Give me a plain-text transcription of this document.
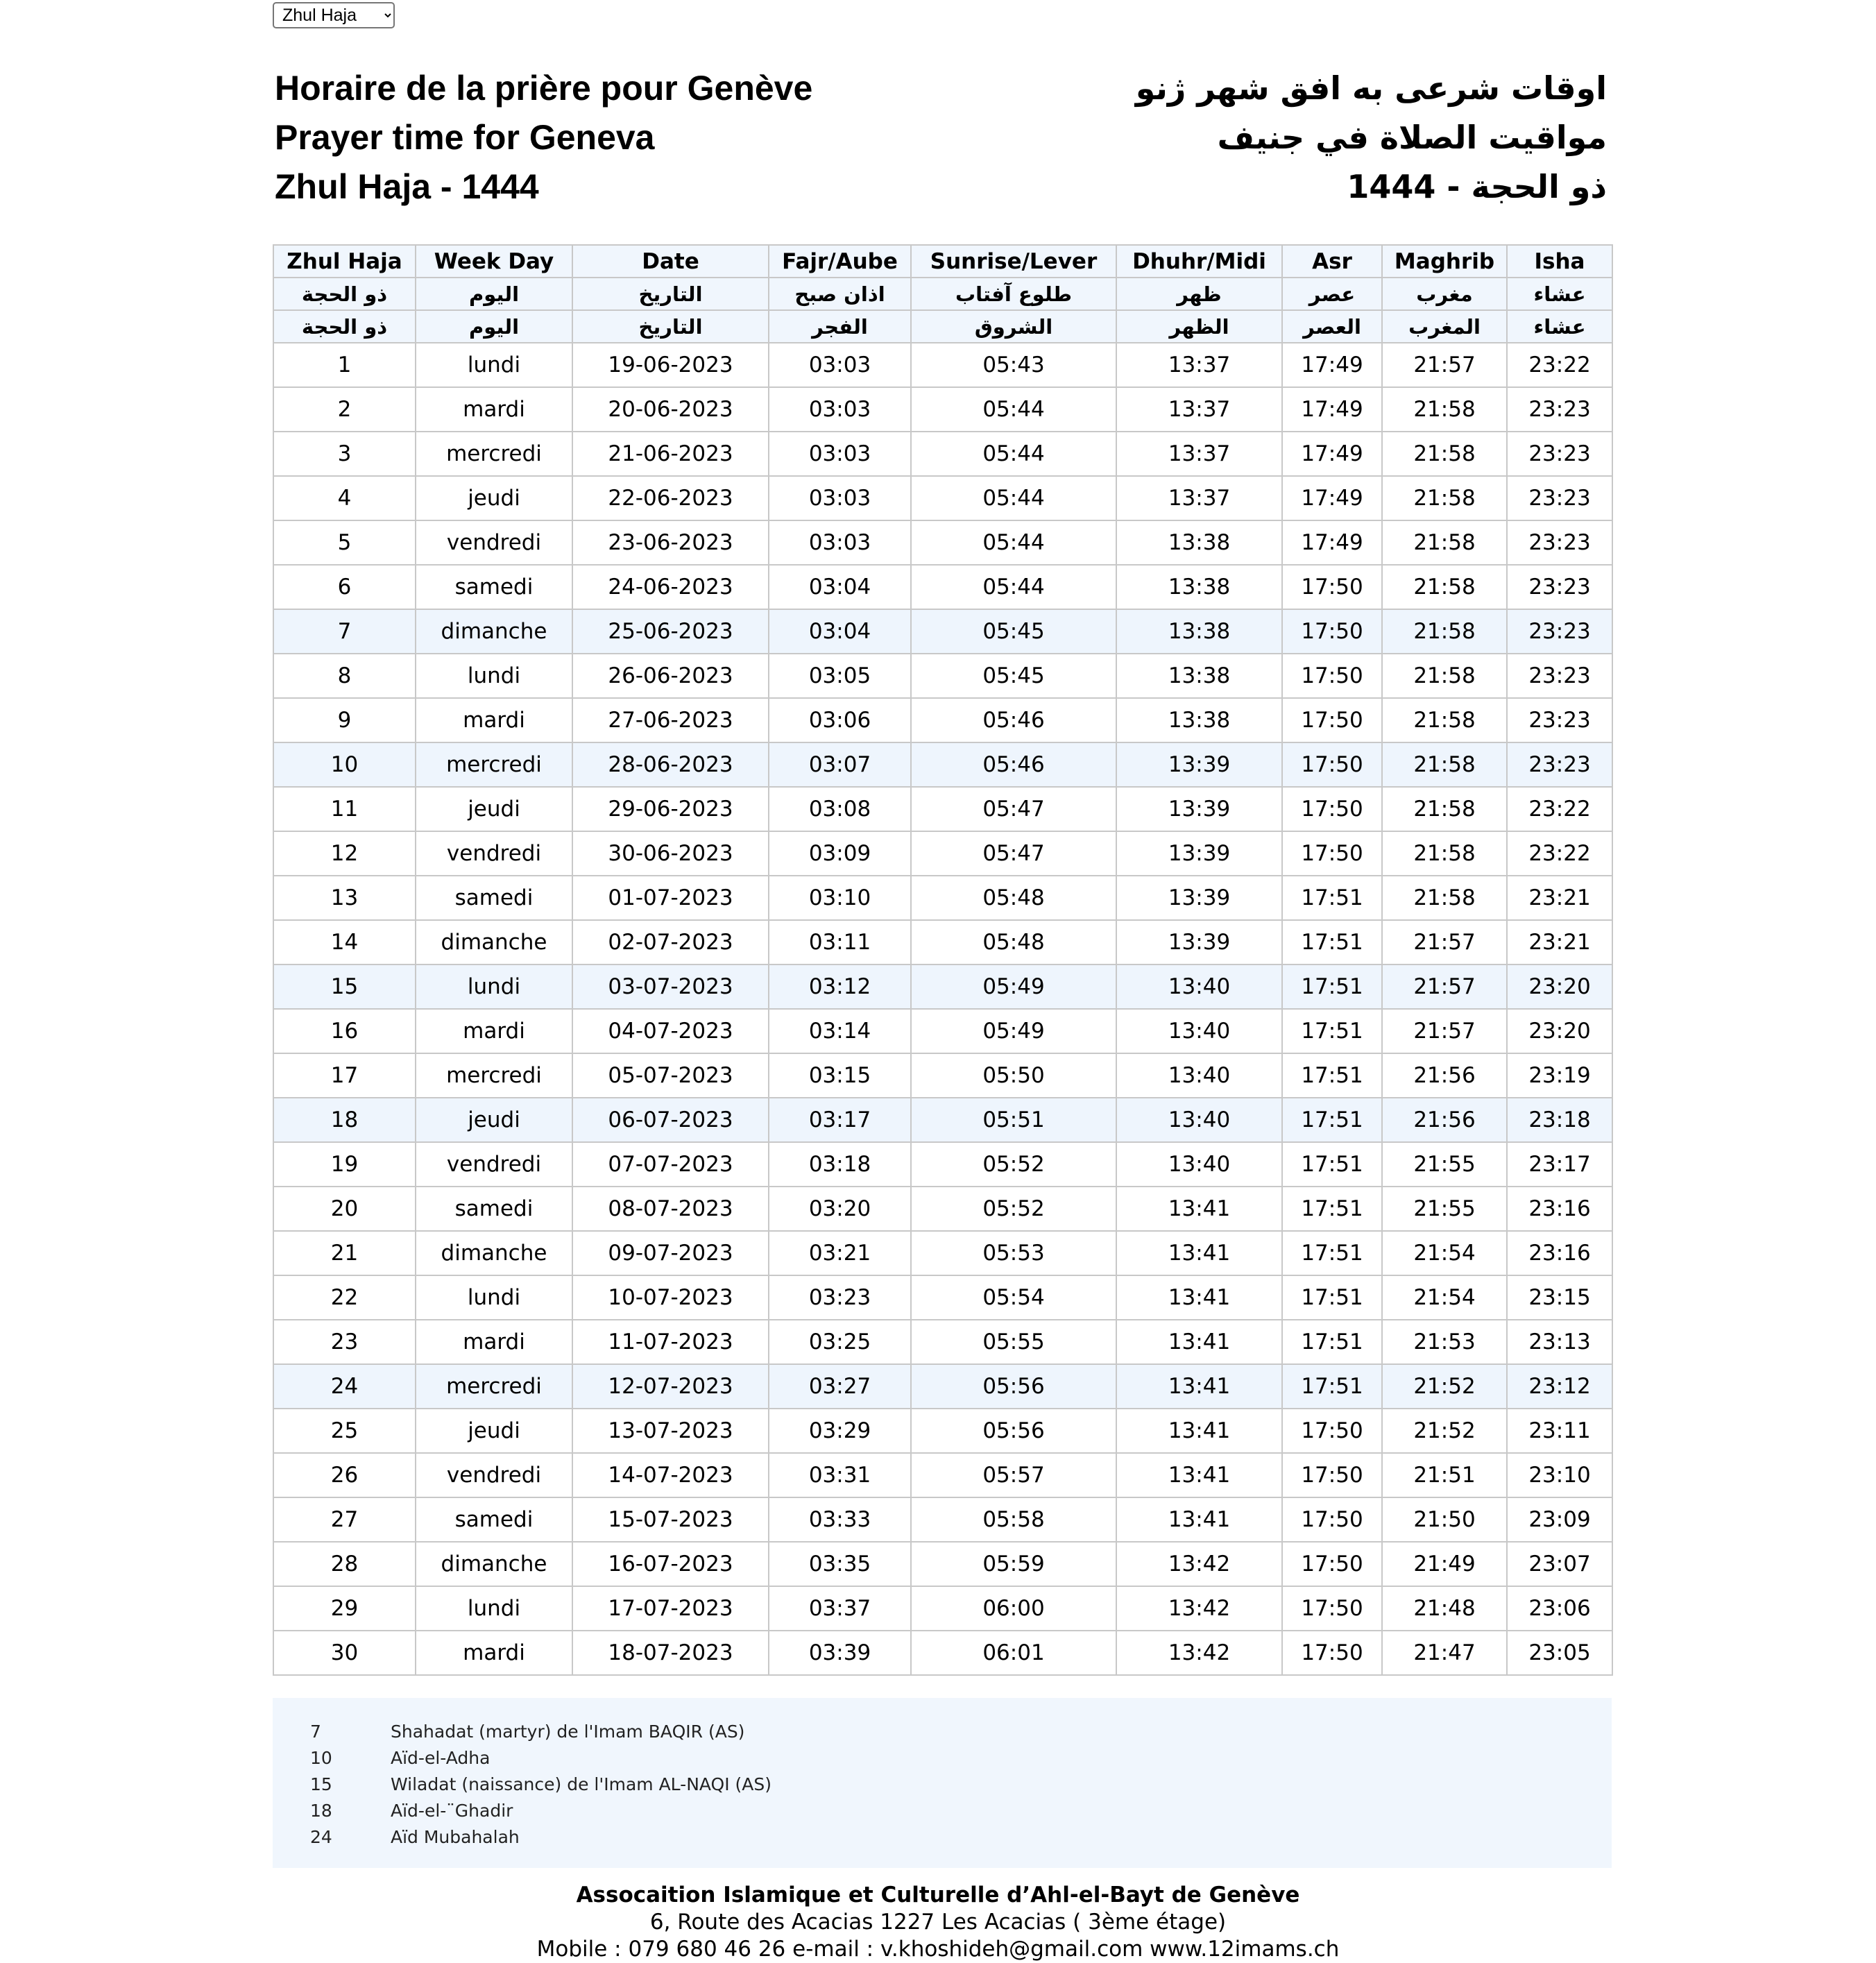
Zhul Haja
Horaire de la prière pour Genève
Prayer time for Geneva
Zhul Haja - 1444
اوقات شرعی به افق شهر ژنو
مواقيت الصلاة في جنيف
ذو الحجة - 1444
Zhul Haja	Week Day	Date	Fajr/Aube	Sunrise/Lever	Dhuhr/Midi	Asr	Maghrib	Isha
ذو الحجة	اليوم	التاريخ	اذان صبح	طلوع آفتاب	ظهر	عصر	مغرب	عشاء
ذو الحجة	اليوم	التاريخ	الفجر	الشروق	الظهر	العصر	المغرب	عشاء
1	lundi	19-06-2023	03:03	05:43	13:37	17:49	21:57	23:22
2	mardi	20-06-2023	03:03	05:44	13:37	17:49	21:58	23:23
3	mercredi	21-06-2023	03:03	05:44	13:37	17:49	21:58	23:23
4	jeudi	22-06-2023	03:03	05:44	13:37	17:49	21:58	23:23
5	vendredi	23-06-2023	03:03	05:44	13:38	17:49	21:58	23:23
6	samedi	24-06-2023	03:04	05:44	13:38	17:50	21:58	23:23
7	dimanche	25-06-2023	03:04	05:45	13:38	17:50	21:58	23:23
8	lundi	26-06-2023	03:05	05:45	13:38	17:50	21:58	23:23
9	mardi	27-06-2023	03:06	05:46	13:38	17:50	21:58	23:23
10	mercredi	28-06-2023	03:07	05:46	13:39	17:50	21:58	23:23
11	jeudi	29-06-2023	03:08	05:47	13:39	17:50	21:58	23:22
12	vendredi	30-06-2023	03:09	05:47	13:39	17:50	21:58	23:22
13	samedi	01-07-2023	03:10	05:48	13:39	17:51	21:58	23:21
14	dimanche	02-07-2023	03:11	05:48	13:39	17:51	21:57	23:21
15	lundi	03-07-2023	03:12	05:49	13:40	17:51	21:57	23:20
16	mardi	04-07-2023	03:14	05:49	13:40	17:51	21:57	23:20
17	mercredi	05-07-2023	03:15	05:50	13:40	17:51	21:56	23:19
18	jeudi	06-07-2023	03:17	05:51	13:40	17:51	21:56	23:18
19	vendredi	07-07-2023	03:18	05:52	13:40	17:51	21:55	23:17
20	samedi	08-07-2023	03:20	05:52	13:41	17:51	21:55	23:16
21	dimanche	09-07-2023	03:21	05:53	13:41	17:51	21:54	23:16
22	lundi	10-07-2023	03:23	05:54	13:41	17:51	21:54	23:15
23	mardi	11-07-2023	03:25	05:55	13:41	17:51	21:53	23:13
24	mercredi	12-07-2023	03:27	05:56	13:41	17:51	21:52	23:12
25	jeudi	13-07-2023	03:29	05:56	13:41	17:50	21:52	23:11
26	vendredi	14-07-2023	03:31	05:57	13:41	17:50	21:51	23:10
27	samedi	15-07-2023	03:33	05:58	13:41	17:50	21:50	23:09
28	dimanche	16-07-2023	03:35	05:59	13:42	17:50	21:49	23:07
29	lundi	17-07-2023	03:37	06:00	13:42	17:50	21:48	23:06
30	mardi	18-07-2023	03:39	06:01	13:42	17:50	21:47	23:05
7	Shahadat (martyr) de l'Imam BAQIR (AS)
10	Aïd-el-Adha
15	Wiladat (naissance) de l'Imam AL-NAQI (AS)
18	Aïd-el-¨Ghadir
24	Aïd Mubahalah
Assocaition Islamique et Culturelle d’Ahl-el-Bayt de Genève
6, Route des Acacias 1227 Les Acacias ( 3ème étage)
Mobile : 079 680 46 26 e-mail : v.khoshideh@gmail.com www.12imams.ch
